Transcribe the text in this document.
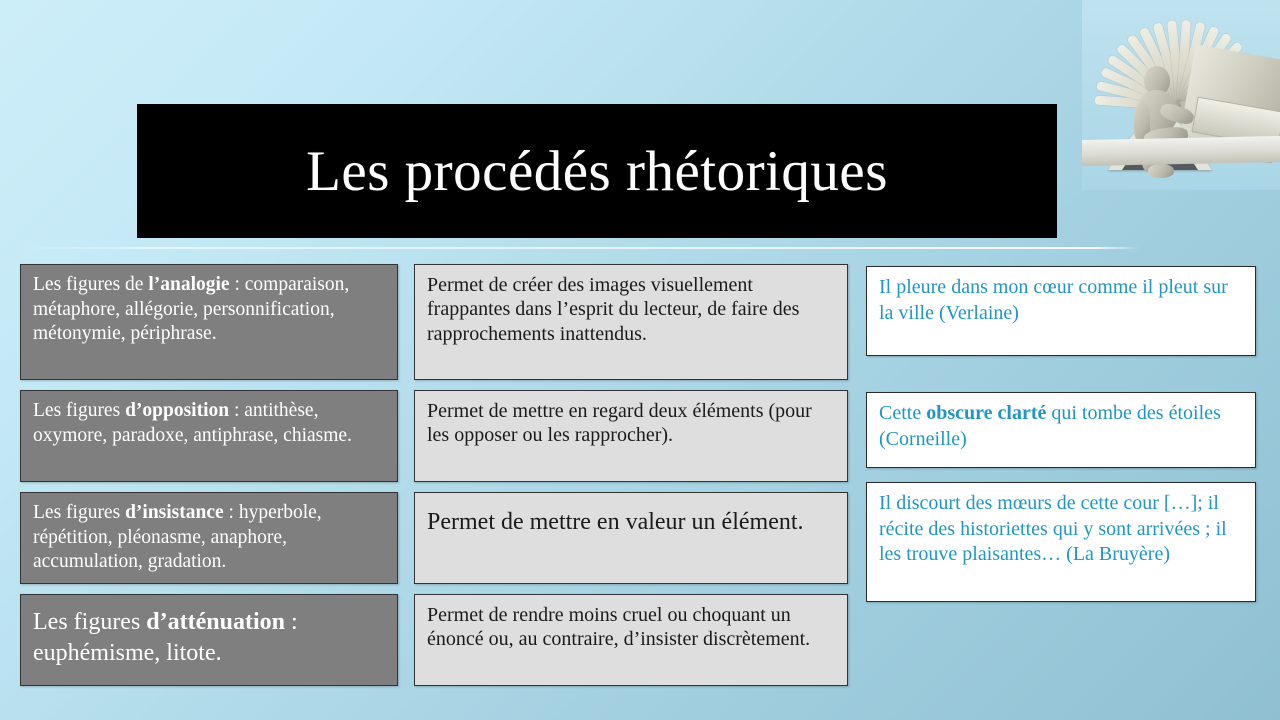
Les procédés rhétoriques
Les figures de l’analogie : comparaison, métaphore, allégorie, personnification, métonymie, périphrase.
Les figures d’opposition : antithèse, oxymore, paradoxe, antiphrase, chiasme.
Les figures d’insistance : hyperbole, répétition, pléonasme, anaphore, accumulation, gradation.
Les figures d’atténuation : euphémisme, litote.
Permet de créer des images visuellement frappantes dans l’esprit du lecteur, de faire des rapprochements inattendus.
Permet de mettre en regard deux éléments (pour les opposer ou les rapprocher).
Permet de mettre en valeur un élément.
Permet de rendre moins cruel ou choquant un énoncé ou, au contraire, d’insister discrètement.
Il pleure dans mon cœur comme il pleut sur la ville (Verlaine)
Cette obscure clarté qui tombe des étoiles (Corneille)
Il discourt des mœurs de cette cour […]; il récite des historiettes qui y sont arrivées ; il les trouve plaisantes… (La Bruyère)
